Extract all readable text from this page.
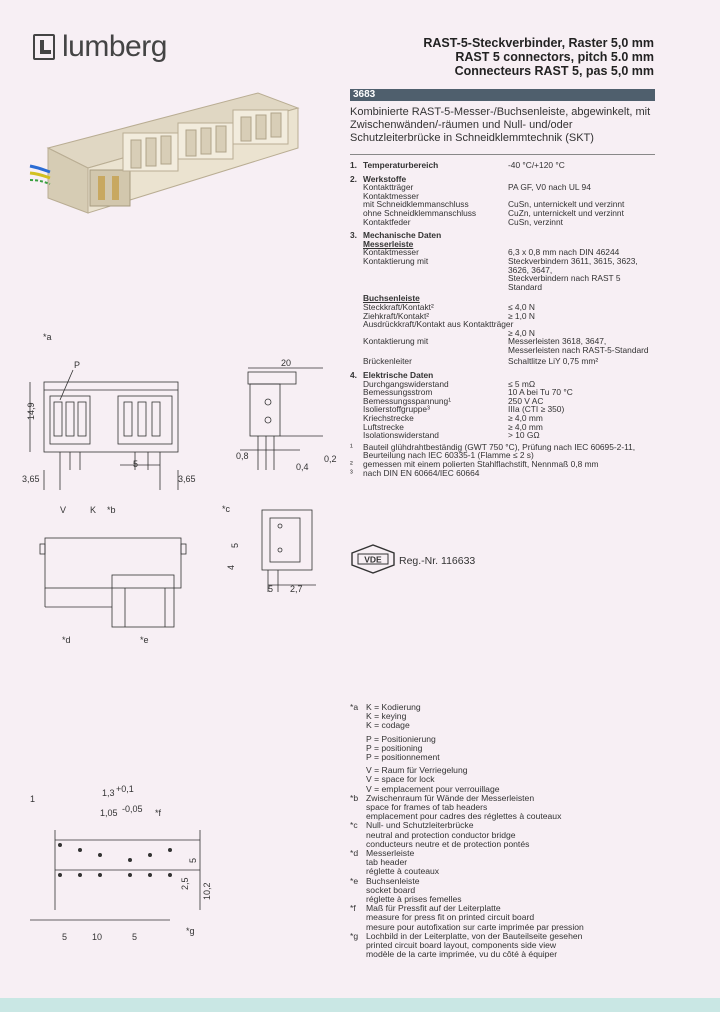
lumberg	RAST-5-Steckverbinder, Raster 5,0 mm
RAST 5 connectors, pitch 5.0 mm
Connecteurs RAST 5, pas 5,0 mm
3683
Kombinierte RAST-5-Messer-/Buchsenleiste, abgewinkelt, mit Zwischenwänden/-räumen und Null- und/oder Schutzleiterbrücke in Schneidklemmtechnik (SKT)
1. Temperaturbereich	-40 °C/+120 °C
2. Werkstoffe
Kontaktträger	PA GF, V0 nach UL 94
Kontaktmesser
mit Schneidklemmanschluss	CuSn, unternickelt und verzinnt
ohne Schneidklemmanschluss	CuZn, unternickelt und verzinnt
Kontaktfeder	CuSn, verzinnt
3. Mechanische Daten
Messerleiste
Kontaktmesser	6,3 x 0,8 mm nach DIN 46244
Kontaktierung mit	Steckverbindern 3611, 3615, 3623,
3626, 3647,
Steckverbindern nach RAST 5
Standard
Buchsenleiste
Steckkraft/Kontakt²	≤ 4,0 N
Ziehkraft/Kontakt²	≥ 1,0 N
Ausdrückkraft/Kontakt aus Kontaktträger
≥ 4,0 N
Kontaktierung mit	Messerleisten 3618, 3647,
Messerleisten nach RAST-5-Standard
Brückenleiter	Schaltlitze LiY 0,75 mm²
4. Elektrische Daten
Durchgangswiderstand	≤ 5 mΩ
Bemessungsstrom	10 A bei Tu 70 °C
Bemessungsspannung¹	250 V AC
Isolierstoffgruppe³	IIIa (CTI ≥ 350)
Kriechstrecke	≥ 4,0 mm
Luftstrecke	≥ 4,0 mm
Isolationswiderstand	> 10 GΩ
¹	Bauteil glühdrahtbeständig (GWT 750 °C), Prüfung nach IEC 60695-2-11,
Beurteilung nach IEC 60335-1 (Flamme ≤ 2 s)
²	gemessen mit einem polierten Stahlflachstift, Nennmaß 0,8 mm
³	nach DIN EN 60664/IEC 60664
VDE Reg.-Nr. 116633
*a
P
14,9
3,65	3,65
5
V	K *b
20
0,8	0,2
0,4
*c
5
5 2,7
4
*d	*e
1
1,3 +0,1
1,05 -0,05 *f
5
2,5 10,2
5	10	5
*g
*a K = Kodierung
K = keying
K = codage
P = Positionierung
P = positioning
P = positionnement
V = Raum für Verriegelung
V = space for lock
V = emplacement pour verrouillage
*b Zwischenraum für Wände der Messerleisten
space for frames of tab headers
emplacement pour cadres des réglettes à couteaux
*c Null- und Schutzleiterbrücke
neutral and protection conductor bridge
conducteurs neutre et de protection pontés
*d Messerleiste
tab header
réglette à couteaux
*e Buchsenleiste
socket board
réglette à prises femelles
*f	Maß für Pressfit auf der Leiterplatte
measure for press fit on printed circuit board
mesure pour autofixation sur carte imprimée par pression
*g Lochbild in der Leiterplatte, von der Bauteilseite gesehen
printed circuit board layout, components side view
modèle de la carte imprimée, vu du côté à équiper
